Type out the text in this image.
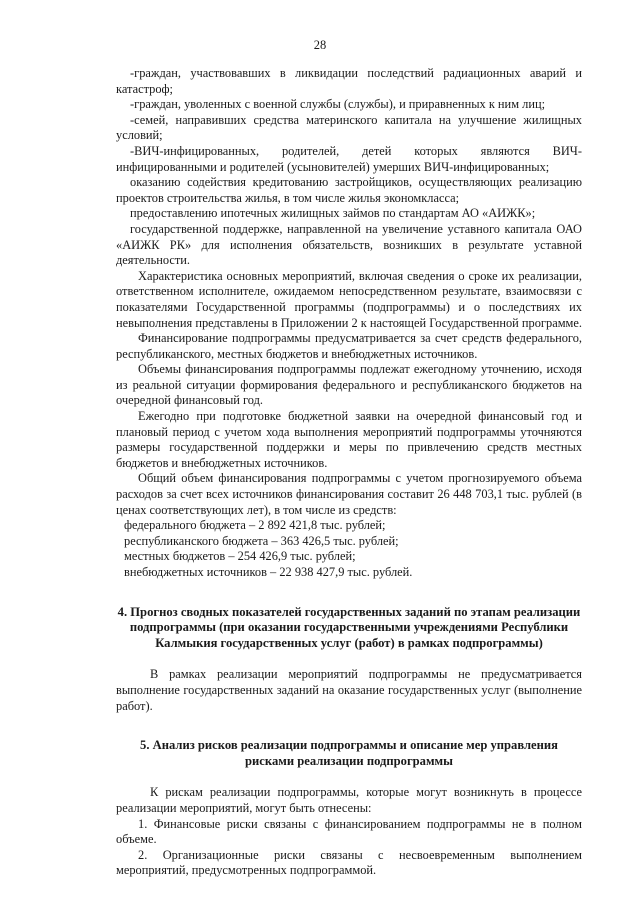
28

-граждан, участвовавших в ликвидации последствий радиационных аварий и катастроф;

-граждан, уволенных с военной службы (службы), и приравненных к ним лиц;

-семей, направивших средства материнского капитала на улучшение жилищных условий;

-ВИЧ-инфицированных, родителей, детей которых являются ВИЧ-инфицированными и родителей (усыновителей) умерших ВИЧ-инфицированных;

оказанию содействия кредитованию застройщиков, осуществляющих реализацию проектов строительства жилья, в том числе жилья экономкласса;

предоставлению ипотечных жилищных займов по стандартам АО «АИЖК»;

государственной поддержке, направленной на увеличение уставного капитала ОАО «АИЖК РК» для исполнения обязательств, возникших в результате уставной деятельности.

Характеристика основных мероприятий, включая сведения о сроке их реализации, ответственном исполнителе, ожидаемом непосредственном результате, взаимосвязи с показателями Государственной программы (подпрограммы) и о последствиях их невыполнения представлены в Приложении 2 к настоящей Государственной программе.

Финансирование подпрограммы предусматривается за счет средств федерального, республиканского, местных бюджетов и внебюджетных источников.

Объемы финансирования подпрограммы подлежат ежегодному уточнению, исходя из реальной ситуации формирования федерального и республиканского бюджетов на очередной финансовый год.

Ежегодно при подготовке бюджетной заявки на очередной финансовый год и плановый период с учетом хода выполнения мероприятий подпрограммы уточняются размеры государственной поддержки и меры по привлечению средств местных бюджетов и внебюджетных источников.

Общий объем финансирования подпрограммы с учетом прогнозируемого объема расходов за счет всех источников финансирования составит 26 448 703,1 тыс. рублей (в ценах соответствующих лет), в том числе из средств:

федерального бюджета – 2 892 421,8 тыс. рублей;

республиканского бюджета – 363 426,5 тыс. рублей;

местных бюджетов – 254 426,9 тыс. рублей;

внебюджетных источников – 22 938 427,9 тыс. рублей.

4. Прогноз сводных показателей государственных заданий по этапам реализации подпрограммы (при оказании государственными учреждениями Республики Калмыкия государственных услуг (работ) в рамках подпрограммы)

В рамках реализации мероприятий подпрограммы не предусматривается выполнение государственных заданий на оказание государственных услуг (выполнение работ).

5. Анализ рисков реализации подпрограммы и описание мер управления рисками реализации подпрограммы

К рискам реализации подпрограммы, которые могут возникнуть в процессе реализации мероприятий, могут быть отнесены:

1. Финансовые риски связаны с финансированием подпрограммы не в полном объеме.

2. Организационные риски связаны с несвоевременным выполнением мероприятий, предусмотренных подпрограммой.
